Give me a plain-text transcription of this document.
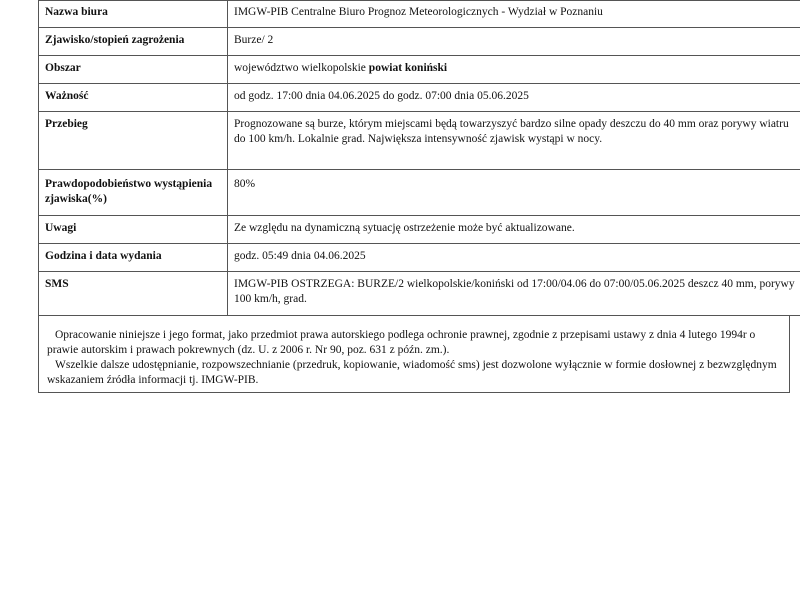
Nazwa biura	IMGW-PIB Centralne Biuro Prognoz Meteorologicznych - Wydział w Poznaniu
Zjawisko/stopień zagrożenia	Burze/ 2
Obszar	województwo wielkopolskie powiat koniński
Ważność	od godz. 17:00 dnia 04.06.2025 do godz. 07:00 dnia 05.06.2025
Przebieg	Prognozowane są burze, którym miejscami będą towarzyszyć bardzo silne opady deszczu do 40 mm oraz porywy wiatru do 100 km/h. Lokalnie grad. Największa intensywność zjawisk wystąpi w nocy.
Prawdopodobieństwo wystąpienia zjawiska(%)	80%
Uwagi	Ze względu na dynamiczną sytuację ostrzeżenie może być aktualizowane.
Godzina i data wydania	godz. 05:49 dnia 04.06.2025
SMS	IMGW-PIB OSTRZEGA: BURZE/2 wielkopolskie/koniński od 17:00/04.06 do 07:00/05.06.2025 deszcz 40 mm, porywy 100 km/h, grad.

Opracowanie niniejsze i jego format, jako przedmiot prawa autorskiego podlega ochronie prawnej, zgodnie z przepisami ustawy z dnia 4 lutego 1994r o prawie autorskim i prawach pokrewnych (dz. U. z 2006 r. Nr 90, poz. 631 z późn. zm.).

Wszelkie dalsze udostępnianie, rozpowszechnianie (przedruk, kopiowanie, wiadomość sms) jest dozwolone wyłącznie w formie dosłownej z bezwzględnym wskazaniem źródła informacji tj. IMGW-PIB.
